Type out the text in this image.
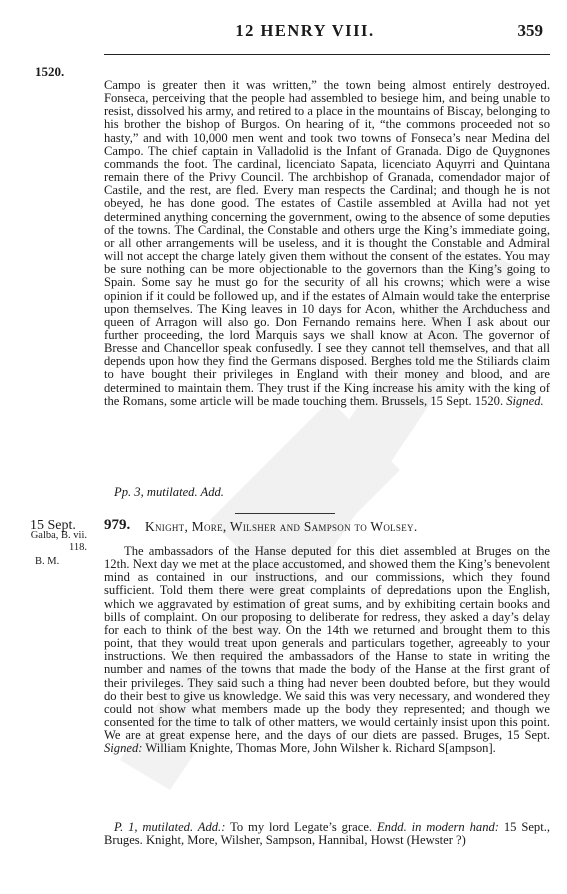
12 HENRY VIII.	359
1520.

Campo is greater then it was written,” the town being almost entirely destroyed. Fonseca, perceiving that the people had assembled to besiege him, and being unable to resist, dissolved his army, and retired to a place in the mountains of Biscay, belonging to his brother the bishop of Burgos. On hearing of it, “the commons proceeded not so hasty,” and with 10,000 men went and took two towns of Fonseca’s near Medina del Campo. The chief captain in Valladolid is the Infant of Granada. Digo de Quygnones commands the foot. The cardinal, licenciato Sapata, licenciato Aquyrri and Quintana remain there of the Privy Council. The archbishop of Granada, comendador major of Castile, and the rest, are fled. Every man respects the Cardinal; and though he is not obeyed, he has done good. The estates of Castile assembled at Avilla had not yet determined anything concerning the government, owing to the absence of some deputies of the towns. The Cardinal, the Constable and others urge the King’s immediate going, or all other arrangements will be useless, and it is thought the Constable and Admiral will not accept the charge lately given them without the consent of the estates. You may be sure nothing can be more objectionable to the governors than the King’s going to Spain. Some say he must go for the security of all his crowns; which were a wise opinion if it could be followed up, and if the estates of Almain would take the enterprise upon themselves. The King leaves in 10 days for Acon, whither the Archduchess and queen of Arragon will also go. Don Fernando remains here. When I ask about our further proceeding, the lord Marquis says we shall know at Acon. The governor of Bresse and Chancellor speak confusedly. I see they cannot tell themselves, and that all depends upon how they find the Germans disposed. Berghes told me the Stiliards claim to have bought their privileges in England with their money and blood, and are determined to maintain them. They trust if the King increase his amity with the king of the Romans, some article will be made touching them. Brussels, 15 Sept. 1520. Signed.

Pp. 3, mutilated. Add.
15 Sept.
Galba, B. vii.
118.
B. M.
979. Knight, More, Wilsher and Sampson to Wolsey.

The ambassadors of the Hanse deputed for this diet assembled at Bruges on the 12th. Next day we met at the place accustomed, and showed them the King’s benevolent mind as contained in our instructions, and our commissions, which they found sufficient. Told them there were great complaints of depredations upon the English, which we aggravated by estimation of great sums, and by exhibiting certain books and bills of complaint. On our proposing to deliberate for redress, they asked a day’s delay for each to think of the best way. On the 14th we returned and brought them to this point, that they would treat upon generals and particulars together, agreeably to your instructions. We then required the ambassadors of the Hanse to state in writing the number and names of the towns that made the body of the Hanse at the first grant of their privileges. They said such a thing had never been doubted before, but they would do their best to give us knowledge. We said this was very necessary, and wondered they could not show what members made up the body they represented; and though we consented for the time to talk of other matters, we would certainly insist upon this point. We are at great expense here, and the days of our diets are passed. Bruges, 15 Sept. Signed: William Knighte, Thomas More, John Wilsher k. Richard S[ampson].

P. 1, mutilated. Add.: To my lord Legate’s grace. Endd. in modern hand: 15 Sept., Bruges. Knight, More, Wilsher, Sampson, Hannibal, Howst (Hewster ?)
